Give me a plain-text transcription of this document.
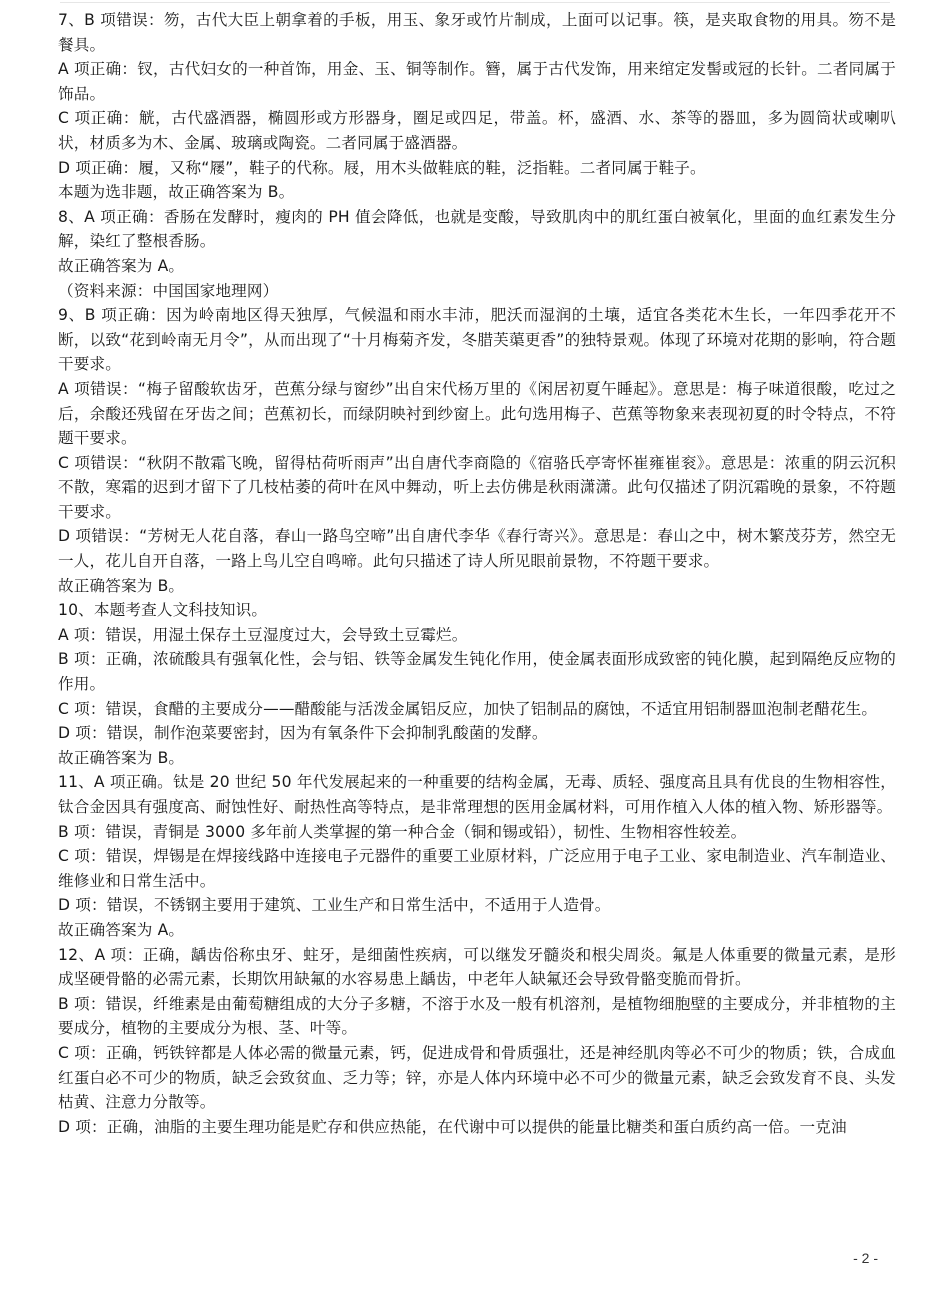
7、B 项错误：笏，古代大臣上朝拿着的手板，用玉、象牙或竹片制成，上面可以记事。筷，是夹取食物的用具。笏不是餐具。

A 项正确：钗，古代妇女的一种首饰，用金、玉、铜等制作。簪，属于古代发饰，用来绾定发髻或冠的长针。二者同属于饰品。

C 项正确：觥，古代盛酒器，椭圆形或方形器身，圈足或四足，带盖。杯，盛酒、水、茶等的器皿，多为圆筒状或喇叭状，材质多为木、金属、玻璃或陶瓷。二者同属于盛酒器。

D 项正确：履，又称“屦”，鞋子的代称。屐，用木头做鞋底的鞋，泛指鞋。二者同属于鞋子。

本题为选非题，故正确答案为 B。

8、A 项正确：香肠在发酵时，瘦肉的 PH 值会降低，也就是变酸，导致肌肉中的肌红蛋白被氧化，里面的血红素发生分解，染红了整根香肠。

故正确答案为 A。

（资料来源：中国国家地理网）

9、B 项正确：因为岭南地区得天独厚，气候温和雨水丰沛，肥沃而湿润的土壤，适宜各类花木生长，一年四季花开不断，以致“花到岭南无月令”，从而出现了“十月梅菊齐发，冬腊芙蕖更香”的独特景观。体现了环境对花期的影响，符合题干要求。

A 项错误：“梅子留酸软齿牙，芭蕉分绿与窗纱”出自宋代杨万里的《闲居初夏午睡起》。意思是：梅子味道很酸，吃过之后，余酸还残留在牙齿之间；芭蕉初长，而绿阴映衬到纱窗上。此句选用梅子、芭蕉等物象来表现初夏的时令特点，不符题干要求。

C 项错误：“秋阴不散霜飞晚，留得枯荷听雨声”出自唐代李商隐的《宿骆氏亭寄怀崔雍崔衮》。意思是：浓重的阴云沉积不散，寒霜的迟到才留下了几枝枯萎的荷叶在风中舞动，听上去仿佛是秋雨潇潇。此句仅描述了阴沉霜晚的景象，不符题干要求。

D 项错误：“芳树无人花自落，春山一路鸟空啼”出自唐代李华《春行寄兴》。意思是：春山之中，树木繁茂芬芳，然空无一人，花儿自开自落，一路上鸟儿空自鸣啼。此句只描述了诗人所见眼前景物，不符题干要求。

故正确答案为 B。

10、本题考查人文科技知识。

A 项：错误，用湿土保存土豆湿度过大，会导致土豆霉烂。

B 项：正确，浓硫酸具有强氧化性，会与铝、铁等金属发生钝化作用，使金属表面形成致密的钝化膜，起到隔绝反应物的作用。

C 项：错误，食醋的主要成分——醋酸能与活泼金属铝反应，加快了铝制品的腐蚀，不适宜用铝制器皿泡制老醋花生。

D 项：错误，制作泡菜要密封，因为有氧条件下会抑制乳酸菌的发酵。

故正确答案为 B。

11、A 项正确。钛是 20 世纪 50 年代发展起来的一种重要的结构金属，无毒、质轻、强度高且具有优良的生物相容性，钛合金因具有强度高、耐蚀性好、耐热性高等特点，是非常理想的医用金属材料，可用作植入人体的植入物、矫形器等。

B 项：错误，青铜是 3000 多年前人类掌握的第一种合金（铜和锡或铅），韧性、生物相容性较差。

C 项：错误，焊锡是在焊接线路中连接电子元器件的重要工业原材料，广泛应用于电子工业、家电制造业、汽车制造业、维修业和日常生活中。

D 项：错误，不锈钢主要用于建筑、工业生产和日常生活中，不适用于人造骨。

故正确答案为 A。

12、A 项：正确，龋齿俗称虫牙、蛀牙，是细菌性疾病，可以继发牙髓炎和根尖周炎。氟是人体重要的微量元素，是形成坚硬骨骼的必需元素，长期饮用缺氟的水容易患上龋齿，中老年人缺氟还会导致骨骼变脆而骨折。

B 项：错误，纤维素是由葡萄糖组成的大分子多糖，不溶于水及一般有机溶剂，是植物细胞壁的主要成分，并非植物的主要成分，植物的主要成分为根、茎、叶等。

C 项：正确，钙铁锌都是人体必需的微量元素，钙，促进成骨和骨质强壮，还是神经肌肉等必不可少的物质；铁，合成血红蛋白必不可少的物质，缺乏会致贫血、乏力等；锌，亦是人体内环境中必不可少的微量元素，缺乏会致发育不良、头发枯黄、注意力分散等。

D 项：正确，油脂的主要生理功能是贮存和供应热能，在代谢中可以提供的能量比糖类和蛋白质约高一倍。一克油

- 2 -
